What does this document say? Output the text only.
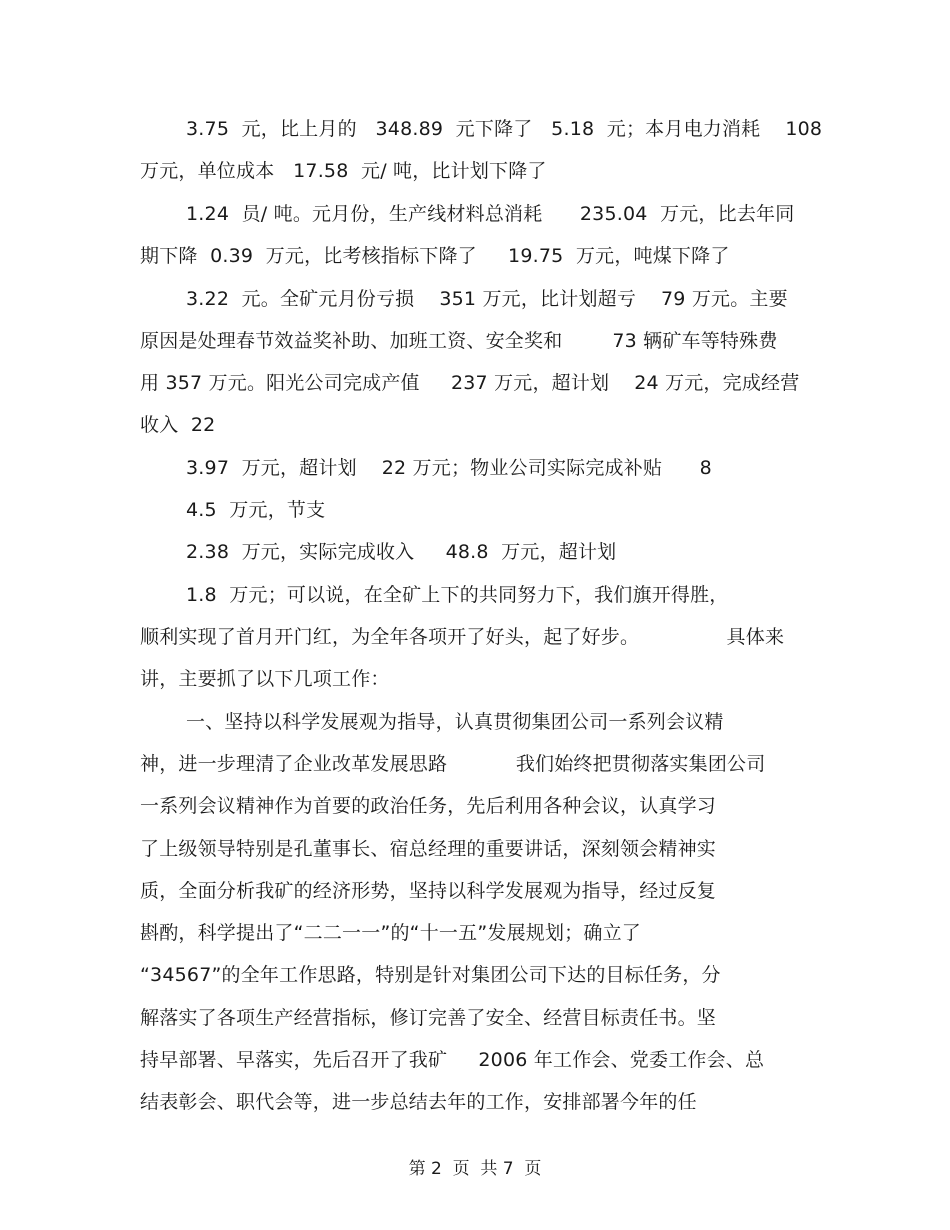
3.75  元，比上月的   348.89  元下降了   5.18  元；本月电力消耗    108
万元，单位成本   17.58  元/ 吨，比计划下降了
1.24  员/ 吨。元月份，生产线材料总消耗      235.04  万元，比去年同
期下降  0.39  万元，比考核指标下降了     19.75  万元，吨煤下降了
3.22  元。全矿元月份亏损    351 万元，比计划超亏    79 万元。主要
原因是处理春节效益奖补助、加班工资、安全奖和        73 辆矿车等特殊费
用 357 万元。阳光公司完成产值     237 万元，超计划    24 万元，完成经营
收入  22
3.97  万元，超计划    22 万元；物业公司实际完成补贴      8
4.5  万元，节支
2.38  万元，实际完成收入     48.8  万元，超计划
1.8  万元；可以说，在全矿上下的共同努力下，我们旗开得胜，
顺利实现了首月开门红，为全年各项开了好头，起了好步。              具体来
讲，主要抓了以下几项工作：
一、坚持以科学发展观为指导，认真贯彻集团公司一系列会议精
神，进一步理清了企业改革发展思路           我们始终把贯彻落实集团公司
一系列会议精神作为首要的政治任务，先后利用各种会议，认真学习
了上级领导特别是孔董事长、宿总经理的重要讲话，深刻领会精神实
质，全面分析我矿的经济形势，坚持以科学发展观为指导，经过反复
斟酌，科学提出了“二二一一”的“十一五”发展规划；确立了
“34567”的全年工作思路，特别是针对集团公司下达的目标任务，分
解落实了各项生产经营指标，修订完善了安全、经营目标责任书。坚
持早部署、早落实，先后召开了我矿     2006 年工作会、党委工作会、总
结表彰会、职代会等，进一步总结去年的工作，安排部署今年的任
第 2  页  共 7  页
